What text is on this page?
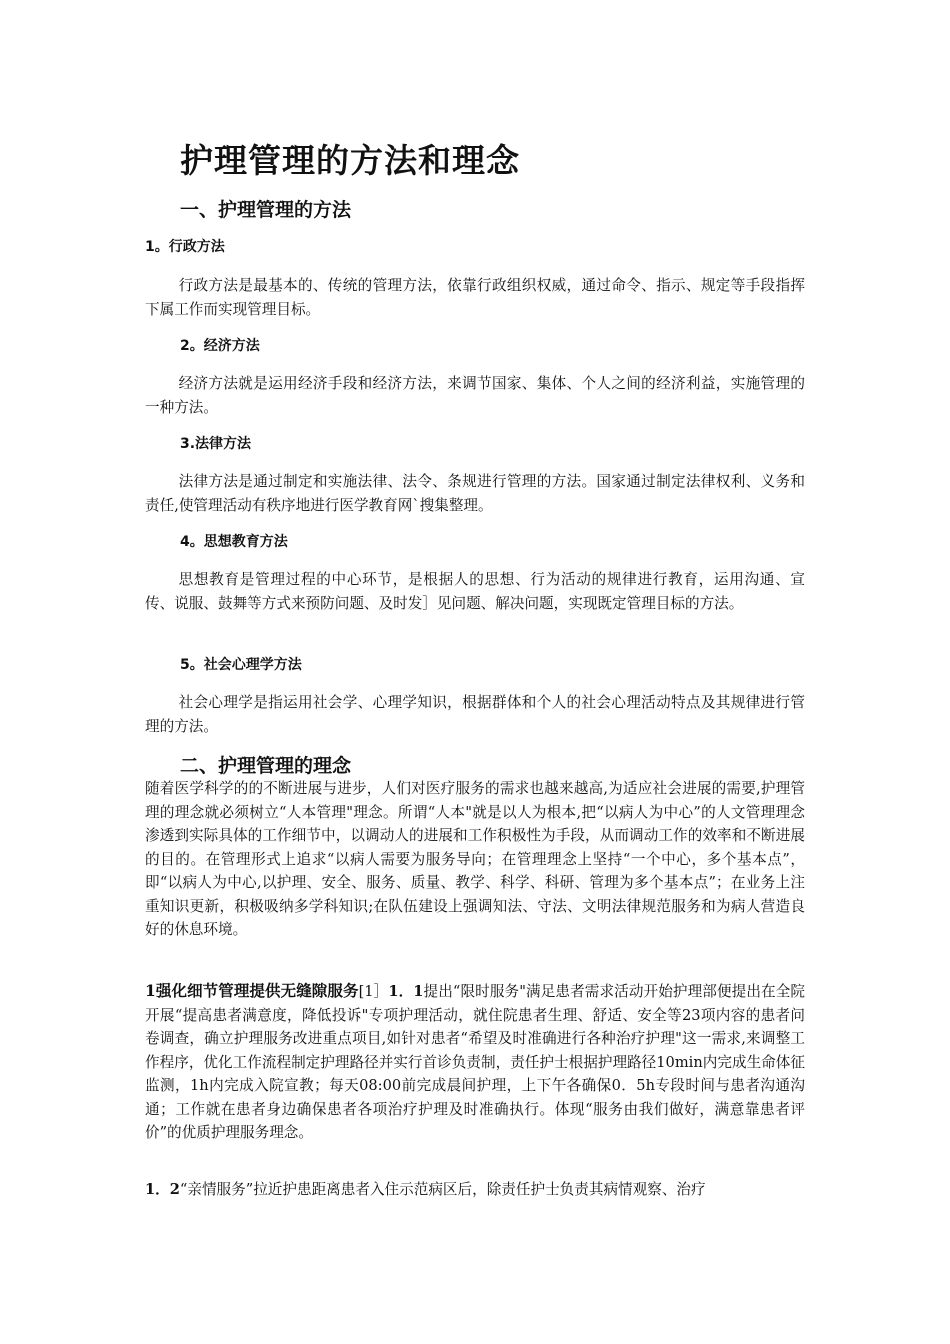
护理管理的方法和理念
一、护理管理的方法
1。行政方法

行政方法是最基本的、传统的管理方法，依靠行政组织权威，通过命令、指示、规定等手段指挥下属工作而实现管理目标。

2。经济方法

经济方法就是运用经济手段和经济方法，来调节国家、集体、个人之间的经济利益，实施管理的一种方法。

3.法律方法

法律方法是通过制定和实施法律、法令、条规进行管理的方法。国家通过制定法律权利、义务和责任,使管理活动有秩序地进行医学教育网`搜集整理。

4。思想教育方法

思想教育是管理过程的中心环节，是根据人的思想、行为活动的规律进行教育，运用沟通、宣传、说服、鼓舞等方式来预防问题、及时发］见问题、解决问题，实现既定管理目标的方法。

5。社会心理学方法

社会心理学是指运用社会学、心理学知识，根据群体和个人的社会心理活动特点及其规律进行管理的方法。

二、护理管理的理念

随着医学科学的的不断进展与进步，人们对医疗服务的需求也越来越高,为适应社会进展的需要,护理管理的理念就必须树立“人本管理"理念。所谓“人本"就是以人为根本,把“以病人为中心”的人文管理理念渗透到实际具体的工作细节中，以调动人的进展和工作积极性为手段，从而调动工作的效率和不断进展的目的。在管理形式上追求“以病人需要为服务导向；在管理理念上坚持“一个中心，多个基本点”，即“以病人为中心,以护理、安全、服务、质量、教学、科学、科研、管理为多个基本点”；在业务上注重知识更新，积极吸纳多学科知识;在队伍建设上强调知法、守法、文明法律规范服务和为病人营造良好的休息环境。

1强化细节管理提供无缝隙服务[1］1．1提出“限时服务"满足患者需求活动开始护理部便提出在全院开展“提高患者满意度，降低投诉"专项护理活动，就住院患者生理、舒适、安全等23项内容的患者问卷调查，确立护理服务改进重点项目,如针对患者“希望及时准确进行各种治疗护理"这一需求,来调整工作程序，优化工作流程制定护理路径并实行首诊负责制，责任护士根据护理路径10min内完成生命体征监测，1h内完成入院宣教；每天08:00前完成晨间护理，上下午各确保0．5h专段时间与患者沟通沟通；工作就在患者身边确保患者各项治疗护理及时准确执行。体现“服务由我们做好，满意靠患者评价”的优质护理服务理念。

1．2“亲情服务”拉近护患距离患者入住示范病区后，除责任护士负责其病情观察、治疗
